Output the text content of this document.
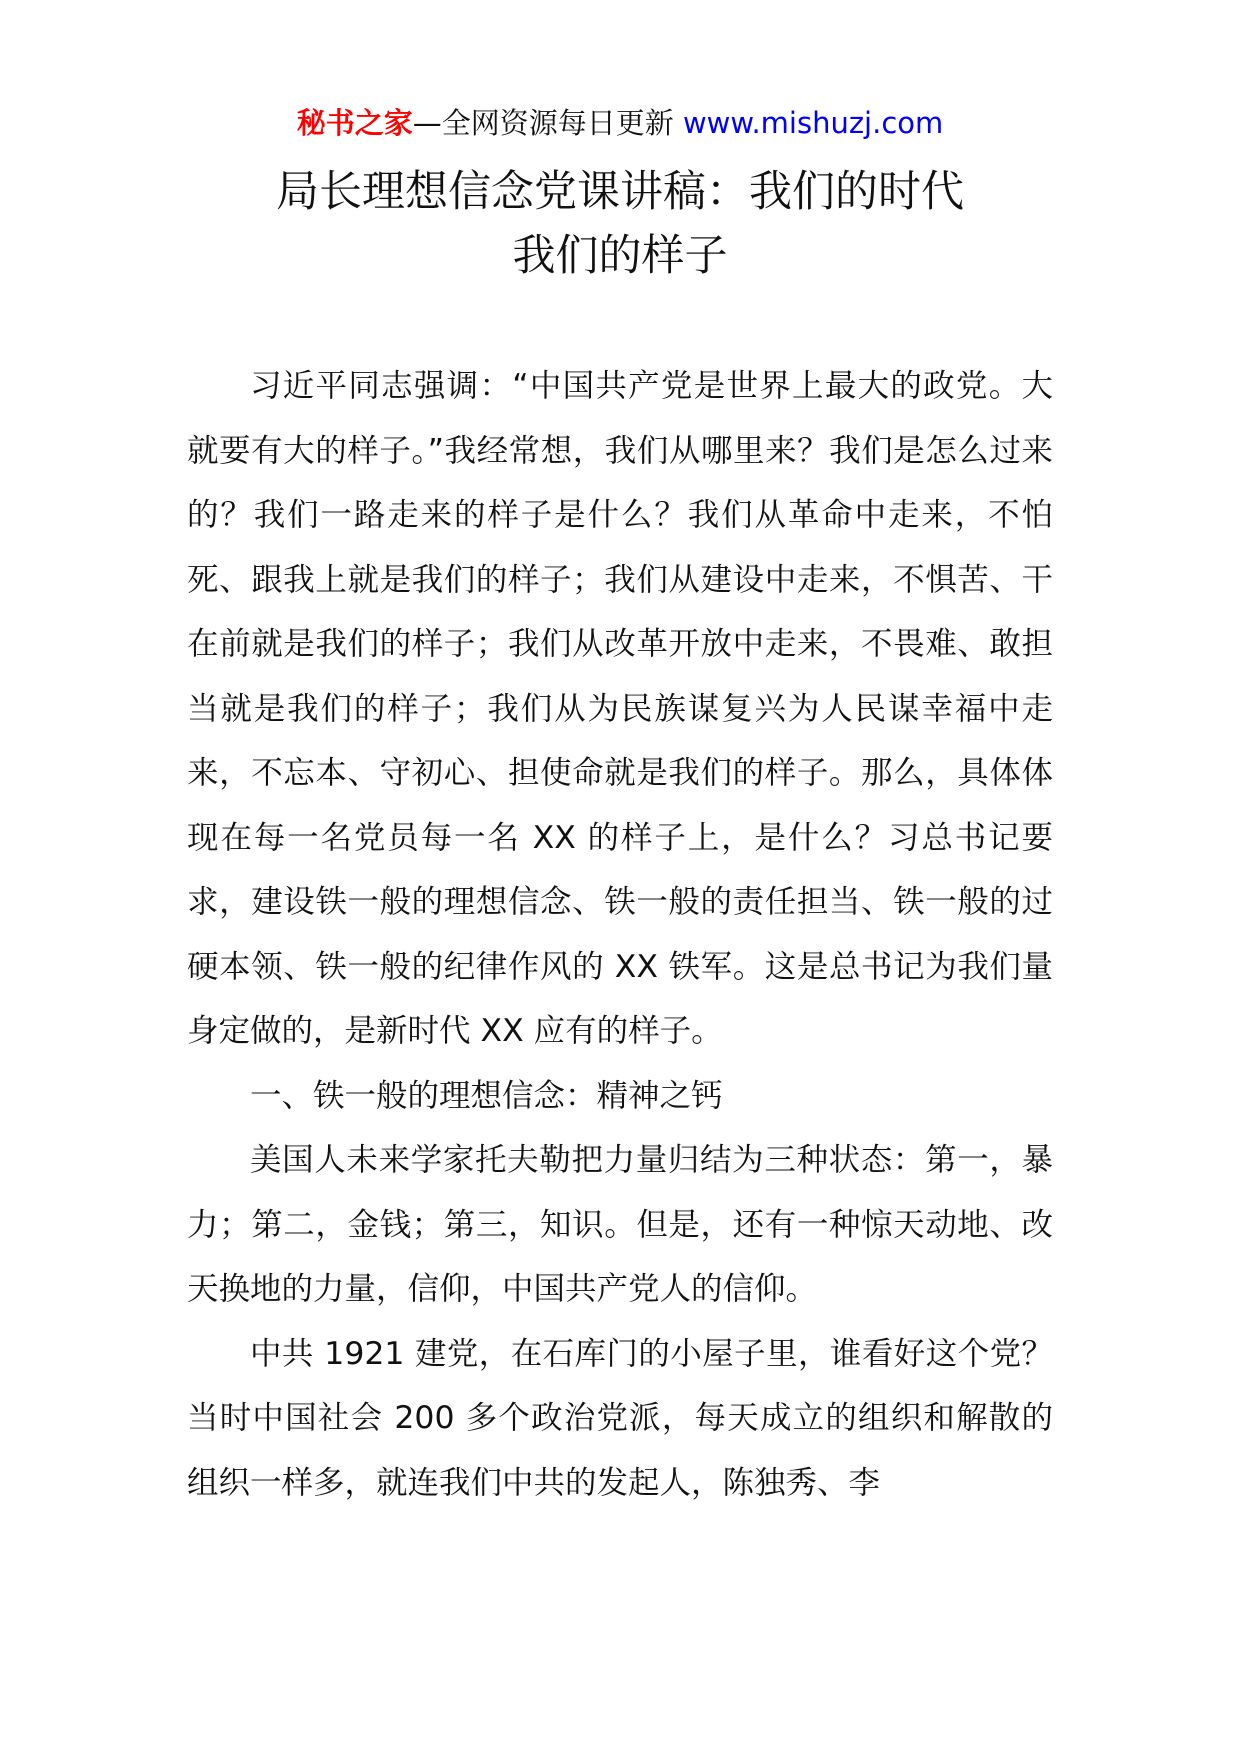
秘书之家—全网资源每日更新 www.mishuzj.com
局长理想信念党课讲稿：我们的时代
我们的样子

习近平同志强调：“中国共产党是世界上最大的政党。大就要有大的样子。”我经常想，我们从哪里来？我们是怎么过来的？我们一路走来的样子是什么？我们从革命中走来，不怕死、跟我上就是我们的样子；我们从建设中走来，不惧苦、干在前就是我们的样子；我们从改革开放中走来，不畏难、敢担当就是我们的样子；我们从为民族谋复兴为人民谋幸福中走来，不忘本、守初心、担使命就是我们的样子。那么，具体体现在每一名党员每一名 XX 的样子上，是什么？习总书记要求，建设铁一般的理想信念、铁一般的责任担当、铁一般的过硬本领、铁一般的纪律作风的 XX 铁军。这是总书记为我们量身定做的，是新时代 XX 应有的样子。

一、铁一般的理想信念：精神之钙

美国人未来学家托夫勒把力量归结为三种状态：第一，暴力；第二，金钱；第三，知识。但是，还有一种惊天动地、改天换地的力量，信仰，中国共产党人的信仰。

中共 1921 建党，在石库门的小屋子里，谁看好这个党？当时中国社会 200 多个政治党派，每天成立的组织和解散的组织一样多，就连我们中共的发起人，陈独秀、李
